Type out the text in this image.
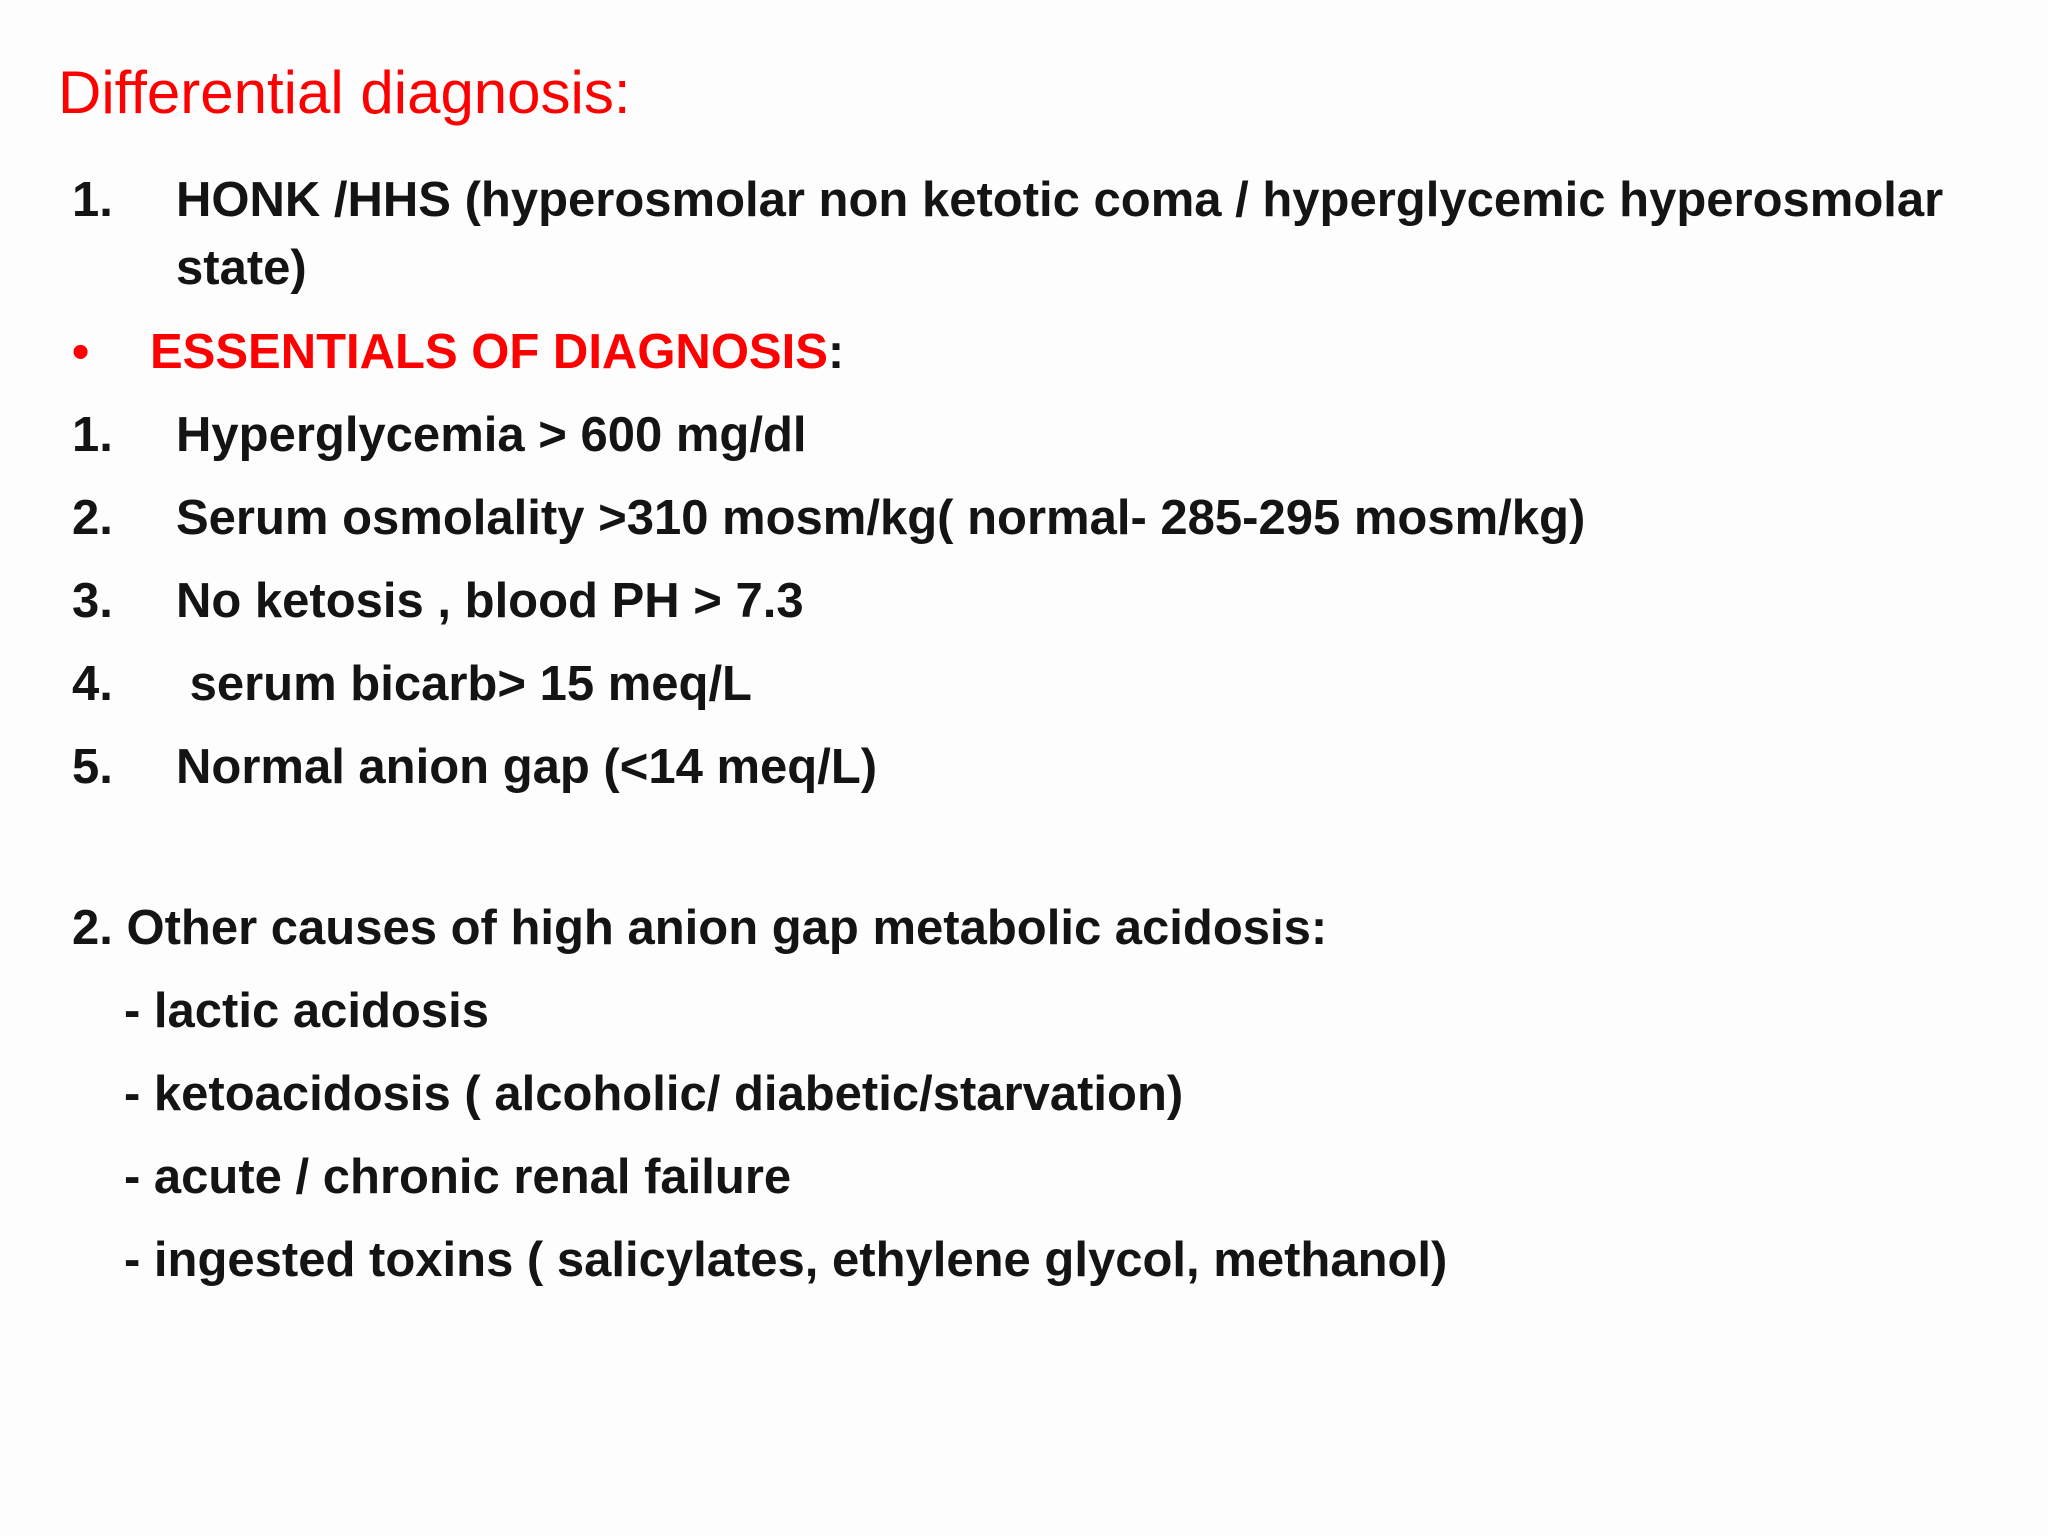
Differential diagnosis:
1. HONK /HHS (hyperosmolar non ketotic coma / hyperglycemic hyperosmolar
state)
• ESSENTIALS OF DIAGNOSIS:
1. Hyperglycemia > 600 mg/dl
2. Serum osmolality >310 mosm/kg( normal- 285-295 mosm/kg)
3. No ketosis , blood PH > 7.3
4. serum bicarb> 15 meq/L
5. Normal anion gap (<14 meq/L)
2. Other causes of high anion gap metabolic acidosis:
- lactic acidosis
- ketoacidosis ( alcoholic/ diabetic/starvation)
- acute / chronic renal failure
- ingested toxins ( salicylates, ethylene glycol, methanol)
